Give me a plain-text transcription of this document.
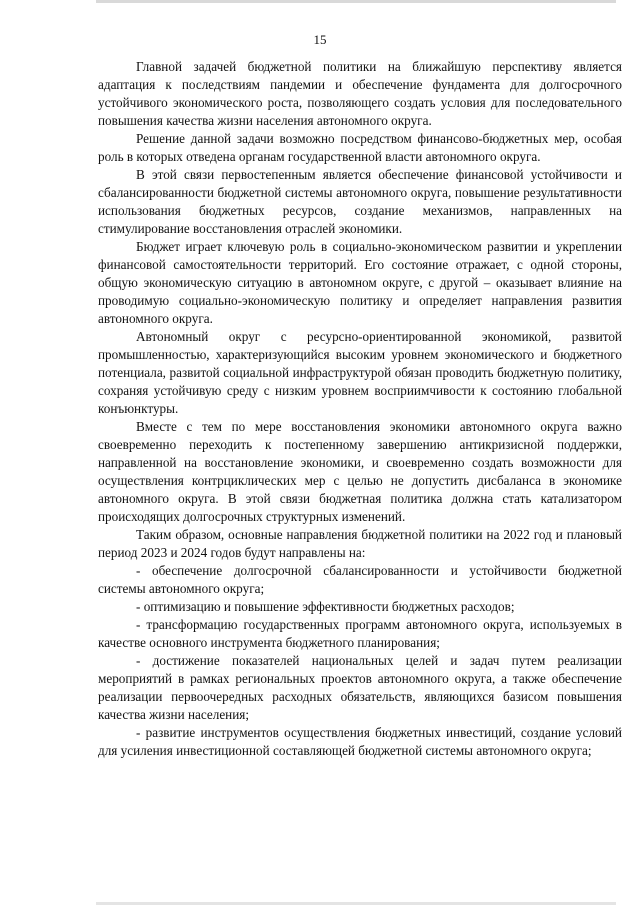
15

Главной задачей бюджетной политики на ближайшую перспективу является адаптация к последствиям пандемии и обеспечение фундамента для долгосрочного устойчивого экономического роста, позволяющего создать условия для последовательного повышения качества жизни населения автономного округа.

Решение данной задачи возможно посредством финансово-бюджетных мер, особая роль в которых отведена органам государственной власти автономного округа.

В этой связи первостепенным является обеспечение финансовой устойчивости и сбалансированности бюджетной системы автономного округа, повышение результативности использования бюджетных ресурсов, создание механизмов, направленных на стимулирование восстановления отраслей экономики.

Бюджет играет ключевую роль в социально-экономическом развитии и укреплении финансовой самостоятельности территорий. Его состояние отражает, с одной стороны, общую экономическую ситуацию в автономном округе, с другой – оказывает влияние на проводимую социально-экономическую политику и определяет направления развития автономного округа.

Автономный округ с ресурсно-ориентированной экономикой, развитой промышленностью, характеризующийся высоким уровнем экономического и бюджетного потенциала, развитой социальной инфраструктурой обязан проводить бюджетную политику, сохраняя устойчивую среду с низким уровнем восприимчивости к состоянию глобальной конъюнктуры.

Вместе с тем по мере восстановления экономики автономного округа важно своевременно переходить к постепенному завершению антикризисной поддержки, направленной на восстановление экономики, и своевременно создать возможности для осуществления контрциклических мер с целью не допустить дисбаланса в экономике автономного округа. В этой связи бюджетная политика должна стать катализатором происходящих долгосрочных структурных изменений.

Таким образом, основные направления бюджетной политики на 2022 год и плановый период 2023 и 2024 годов будут направлены на:

- обеспечение долгосрочной сбалансированности и устойчивости бюджетной системы автономного округа;

- оптимизацию и повышение эффективности бюджетных расходов;

- трансформацию государственных программ автономного округа, используемых в качестве основного инструмента бюджетного планирования;

- достижение показателей национальных целей и задач путем реализации мероприятий в рамках региональных проектов автономного округа, а также обеспечение реализации первоочередных расходных обязательств, являющихся базисом повышения качества жизни населения;

- развитие инструментов осуществления бюджетных инвестиций, создание условий для усиления инвестиционной составляющей бюджетной системы автономного округа;
